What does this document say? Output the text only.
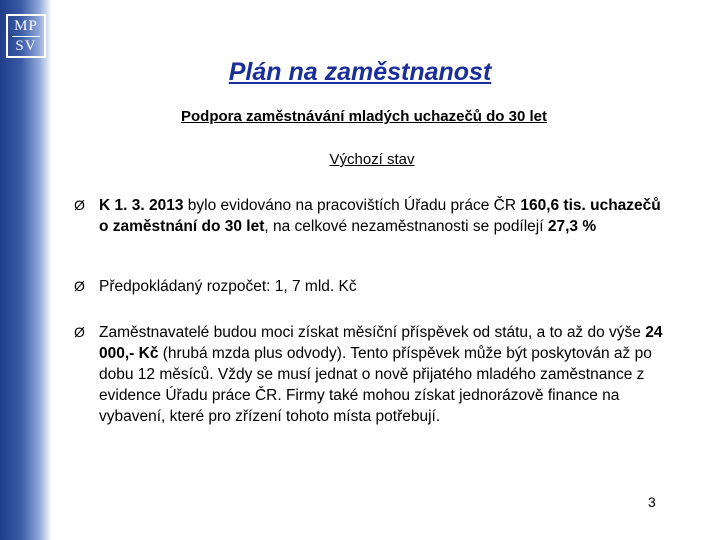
MP
SV
Plán na zaměstnanost

Podpora zaměstnávání mladých uchazečů do 30 let

Výchozí stav

Ø K 1. 3. 2013 bylo evidováno na pracovištích Úřadu práce ČR 160,6 tis. uchazečů o zaměstnání do 30 let, na celkové nezaměstnanosti se podílejí 27,3 %
Ø Předpokládaný rozpočet: 1, 7 mld. Kč
Ø Zaměstnavatelé budou moci získat měsíční příspěvek od státu, a to až do výše 24 000,- Kč (hrubá mzda plus odvody). Tento příspěvek může být poskytován až po dobu 12 měsíců. Vždy se musí jednat o nově přijatého mladého zaměstnance z evidence Úřadu práce ČR. Firmy také mohou získat jednorázově finance na vybavení, které pro zřízení tohoto místa potřebují.
3
